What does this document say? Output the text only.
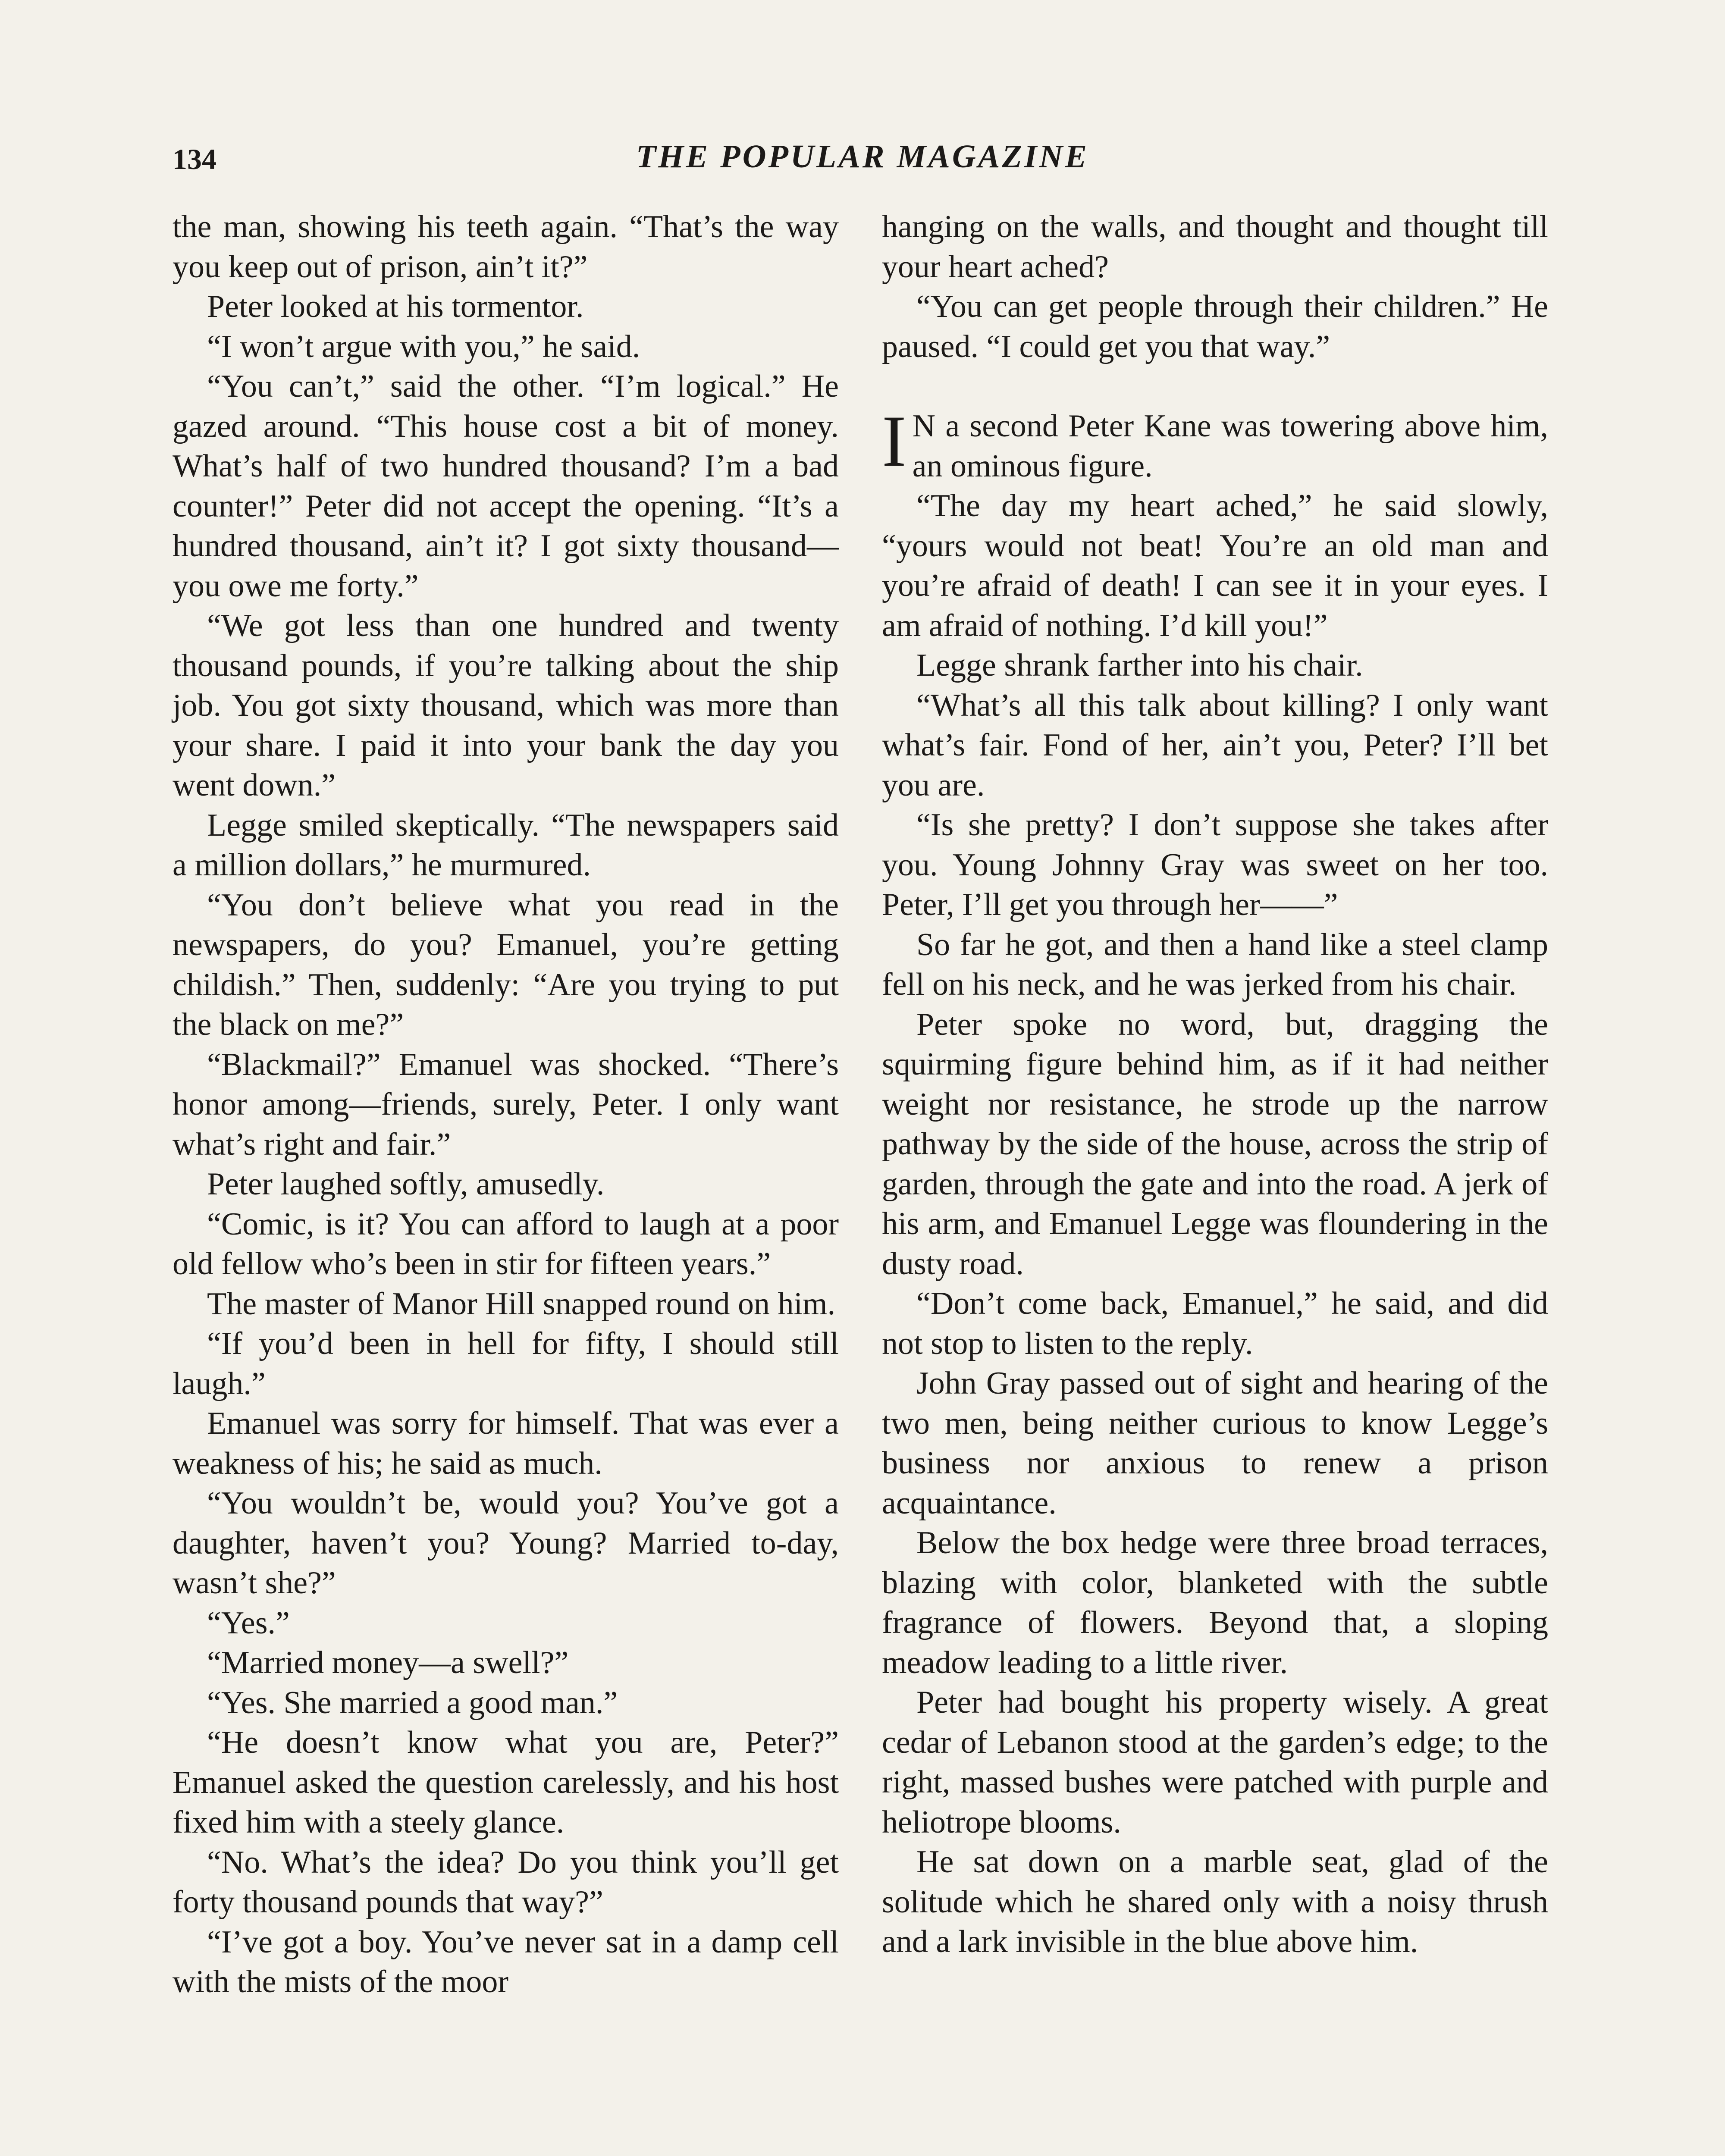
134	THE POPULAR MAGAZINE

the man, showing his teeth again. “That’s the way you keep out of prison, ain’t it?”

Peter looked at his tormentor.

“I won’t argue with you,” he said.

“You can’t,” said the other. “I’m logical.” He gazed around. “This house cost a bit of money. What’s half of two hundred thousand? I’m a bad counter!” Peter did not accept the opening. “It’s a hundred thousand, ain’t it? I got sixty thousand—you owe me forty.”

“We got less than one hundred and twenty thousand pounds, if you’re talking about the ship job. You got sixty thousand, which was more than your share. I paid it into your bank the day you went down.”

Legge smiled skeptically. “The newspapers said a million dollars,” he murmured.

“You don’t believe what you read in the newspapers, do you? Emanuel, you’re getting childish.” Then, suddenly: “Are you trying to put the black on me?”

“Blackmail?” Emanuel was shocked. “There’s honor among—friends, surely, Peter. I only want what’s right and fair.”

Peter laughed softly, amusedly.

“Comic, is it? You can afford to laugh at a poor old fellow who’s been in stir for fifteen years.”

The master of Manor Hill snapped round on him.

“If you’d been in hell for fifty, I should still laugh.”

Emanuel was sorry for himself. That was ever a weakness of his; he said as much.

“You wouldn’t be, would you? You’ve got a daughter, haven’t you? Young? Married to-day, wasn’t she?”

“Yes.”

“Married money—a swell?”

“Yes. She married a good man.”

“He doesn’t know what you are, Peter?” Emanuel asked the question carelessly, and his host fixed him with a steely glance.

“No. What’s the idea? Do you think you’ll get forty thousand pounds that way?”

“I’ve got a boy. You’ve never sat in a damp cell with the mists of the moor

hanging on the walls, and thought and thought till your heart ached?

“You can get people through their children.” He paused. “I could get you that way.”

I N a second Peter Kane was towering above him, an ominous figure.

“The day my heart ached,” he said slowly, “yours would not beat! You’re an old man and you’re afraid of death! I can see it in your eyes. I am afraid of nothing. I’d kill you!”

Legge shrank farther into his chair.

“What’s all this talk about killing? I only want what’s fair. Fond of her, ain’t you, Peter? I’ll bet you are.

“Is she pretty? I don’t suppose she takes after you. Young Johnny Gray was sweet on her too. Peter, I’ll get you through her——”

So far he got, and then a hand like a steel clamp fell on his neck, and he was jerked from his chair.

Peter spoke no word, but, dragging the squirming figure behind him, as if it had neither weight nor resistance, he strode up the narrow pathway by the side of the house, across the strip of garden, through the gate and into the road. A jerk of his arm, and Emanuel Legge was floundering in the dusty road.

“Don’t come back, Emanuel,” he said, and did not stop to listen to the reply.

John Gray passed out of sight and hearing of the two men, being neither curious to know Legge’s business nor anxious to renew a prison acquaintance.

Below the box hedge were three broad terraces, blazing with color, blanketed with the subtle fragrance of flowers. Beyond that, a sloping meadow leading to a little river.

Peter had bought his property wisely. A great cedar of Lebanon stood at the garden’s edge; to the right, massed bushes were patched with purple and heliotrope blooms.

He sat down on a marble seat, glad of the solitude which he shared only with a noisy thrush and a lark invisible in the blue above him.
